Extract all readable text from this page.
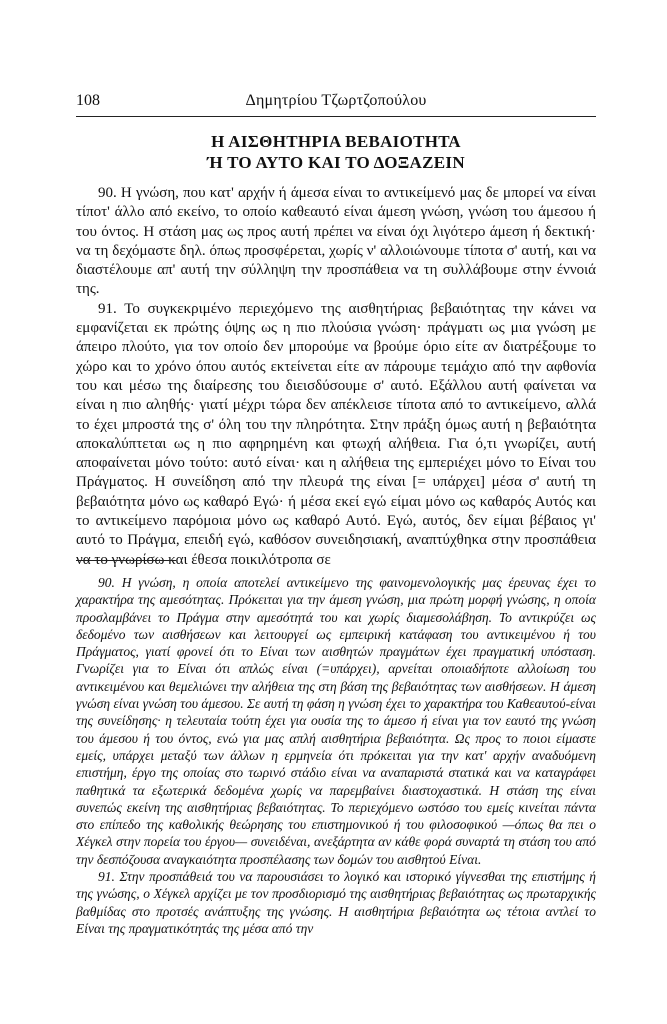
108	Δημητρίου Τζωρτζοπούλου
Η ΑΙΣΘΗΤΗΡΙΑ ΒΕΒΑΙΟΤΗΤΑ
Ή ΤΟ ΑΥΤΟ ΚΑΙ ΤΟ ΔΟΞΑΖΕΙΝ

90. Η γνώση, που κατ' αρχήν ή άμεσα είναι το αντικείμενό μας δε μπορεί να είναι τίποτ' άλλο από εκείνο, το οποίο καθεαυτό είναι άμεση γνώση, γνώση του άμεσου ή του όντος. Η στάση μας ως προς αυτή πρέπει να είναι όχι λιγότερο άμεση ή δεκτική· να τη δεχόμαστε δηλ. όπως προσφέρεται, χωρίς ν' αλλοιώνουμε τίποτα σ' αυτή, και να διαστέλουμε απ' αυτή την σύλληψη την προσπάθεια να τη συλλάβουμε στην έννοιά της.

91. Το συγκεκριμένο περιεχόμενο της αισθητήριας βεβαιότητας την κάνει να εμφανίζεται εκ πρώτης όψης ως η πιο πλούσια γνώση· πράγματι ως μια γνώση με άπειρο πλούτο, για τον οποίο δεν μπορούμε να βρούμε όριο είτε αν διατρέξουμε το χώρο και το χρόνο όπου αυτός εκτείνεται είτε αν πάρουμε τεμάχιο από την αφθονία του και μέσω της διαίρεσης του διεισδύσουμε σ' αυτό. Εξάλλου αυτή φαίνεται να είναι η πιο αληθής· γιατί μέχρι τώρα δεν απέκλεισε τίποτα από το αντικείμενο, αλλά το έχει μπροστά της σ' όλη του την πληρότητα. Στην πράξη όμως αυτή η βεβαιότητα αποκαλύπτεται ως η πιο αφηρημένη και φτωχή αλήθεια. Για ό,τι γνωρίζει, αυτή αποφαίνεται μόνο τούτο: αυτό είναι· και η αλήθεια της εμπεριέχει μόνο το Είναι του Πράγματος. Η συνείδηση από την πλευρά της είναι [= υπάρχει] μέσα σ' αυτή τη βεβαιότητα μόνο ως καθαρό Εγώ· ή μέσα εκεί εγώ είμαι μόνο ως καθαρός Αυτός και το αντικείμενο παρόμοια μόνο ως καθαρό Αυτό. Εγώ, αυτός, δεν είμαι βέβαιος γι' αυτό το Πράγμα, επειδή εγώ, καθόσον συνειδησιακή, αναπτύχθηκα στην προσπάθεια να το γνωρίσω και έθεσα ποικιλότροπα σε

90. Η γνώση, η οποία αποτελεί αντικείμενο της φαινομενολογικής μας έρευνας έχει το χαρακτήρα της αμεσότητας. Πρόκειται για την άμεση γνώση, μια πρώτη μορφή γνώσης, η οποία προσλαμβάνει το Πράγμα στην αμεσότητά του και χωρίς διαμεσολάβηση. Το αντικρύζει ως δεδομένο των αισθήσεων και λειτουργεί ως εμπειρική κατάφαση του αντικειμένου ή του Πράγματος, γιατί φρονεί ότι το Είναι των αισθητών πραγμάτων έχει πραγματική υπόσταση. Γνωρίζει για το Είναι ότι απλώς είναι (=υπάρχει), αρνείται οποιαδήποτε αλλοίωση του αντικειμένου και θεμελιώνει την αλήθεια της στη βάση της βεβαιότητας των αισθήσεων. Η άμεση γνώση είναι γνώση του άμεσου. Σε αυτή τη φάση η γνώση έχει το χαρακτήρα του Καθεαυτού-είναι της συνείδησης· η τελευταία τούτη έχει για ουσία της το άμεσο ή είναι για τον εαυτό της γνώση του άμεσου ή του όντος, ενώ για μας απλή αισθητήρια βεβαιότητα. Ως προς το ποιοι είμαστε εμείς, υπάρχει μεταξύ των άλλων η ερμηνεία ότι πρόκειται για την κατ' αρχήν αναδυόμενη επιστήμη, έργο της οποίας στο τωρινό στάδιο είναι να αναπαριστά στατικά και να καταγράφει παθητικά τα εξωτερικά δεδομένα χωρίς να παρεμβαίνει διαστοχαστικά. Η στάση της είναι συνεπώς εκείνη της αισθητήριας βεβαιότητας. Το περιεχόμενο ωστόσο του εμείς κινείται πάντα στο επίπεδο της καθολικής θεώρησης του επιστημονικού ή του φιλοσοφικού —όπως θα πει ο Χέγκελ στην πορεία του έργου— συνειδέναι, ανεξάρτητα αν κάθε φορά συναρτά τη στάση του από την δεσπόζουσα αναγκαιότητα προσπέλασης των δομών του αισθητού Είναι.

91. Στην προσπάθειά του να παρουσιάσει το λογικό και ιστορικό γίγνεσθαι της επιστήμης ή της γνώσης, ο Χέγκελ αρχίζει με τον προσδιορισμό της αισθητήριας βεβαιότητας ως πρωταρχικής βαθμίδας στο προτσές ανάπτυξης της γνώσης. Η αισθητήρια βεβαιότητα ως τέτοια αντλεί το Είναι της πραγματικότητάς της μέσα από την
